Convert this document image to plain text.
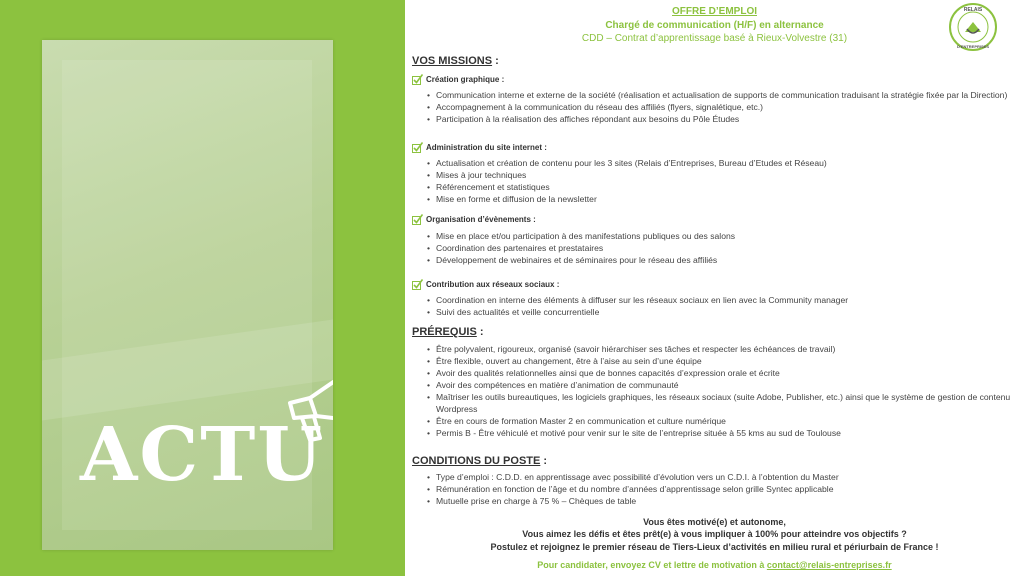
ACTU
OFFRE D’EMPLOI
Chargé de communication (H/F) en alternance
CDD – Contrat d’apprentissage basé à Rieux-Volvestre (31)
RELAIS
D'ENTREPRISES
VOS MISSIONS :
Création graphique :
• Communication interne et externe de la société (réalisation et actualisation de supports de communication traduisant la stratégie fixée par la Direction)
• Accompagnement à la communication du réseau des affiliés (flyers, signalétique, etc.)
• Participation à la réalisation des affiches répondant aux besoins du Pôle Études
Administration du site internet :
• Actualisation et création de contenu pour les 3 sites (Relais d’Entreprises, Bureau d’Etudes et Réseau)
• Mises à jour techniques
• Référencement et statistiques
• Mise en forme et diffusion de la newsletter
Organisation d’évènements :
• Mise en place et/ou participation à des manifestations publiques ou des salons
• Coordination des partenaires et prestataires
• Développement de webinaires et de séminaires pour le réseau des affiliés
Contribution aux réseaux sociaux :
• Coordination en interne des éléments à diffuser sur les réseaux sociaux en lien avec la Community manager
• Suivi des actualités et veille concurrentielle
PRÉREQUIS :
• Être polyvalent, rigoureux, organisé (savoir hiérarchiser ses tâches et respecter les échéances de travail)
• Être flexible, ouvert au changement, être à l’aise au sein d’une équipe
• Avoir des qualités relationnelles ainsi que de bonnes capacités d’expression orale et écrite
• Avoir des compétences en matière d’animation de communauté
• Maîtriser les outils bureautiques, les logiciels graphiques, les réseaux sociaux (suite Adobe, Publisher, etc.) ainsi que le système de gestion de contenu Wordpress
• Être en cours de formation Master 2 en communication et culture numérique
• Permis B - Être véhiculé et motivé pour venir sur le site de l’entreprise située à 55 kms au sud de Toulouse
CONDITIONS DU POSTE :
• Type d’emploi : C.D.D. en apprentissage avec possibilité d’évolution vers un C.D.I. à l’obtention du Master
• Rémunération en fonction de l’âge et du nombre d’années d’apprentissage selon grille Syntec applicable
• Mutuelle prise en charge à 75 % – Chèques de table
Vous êtes motivé(e) et autonome,
Vous aimez les défis et êtes prêt(e) à vous impliquer à 100% pour atteindre vos objectifs ?
Postulez et rejoignez le premier réseau de Tiers-Lieux d’activités en milieu rural et périurbain de France !
Pour candidater, envoyez CV et lettre de motivation à contact@relais-entreprises.fr
